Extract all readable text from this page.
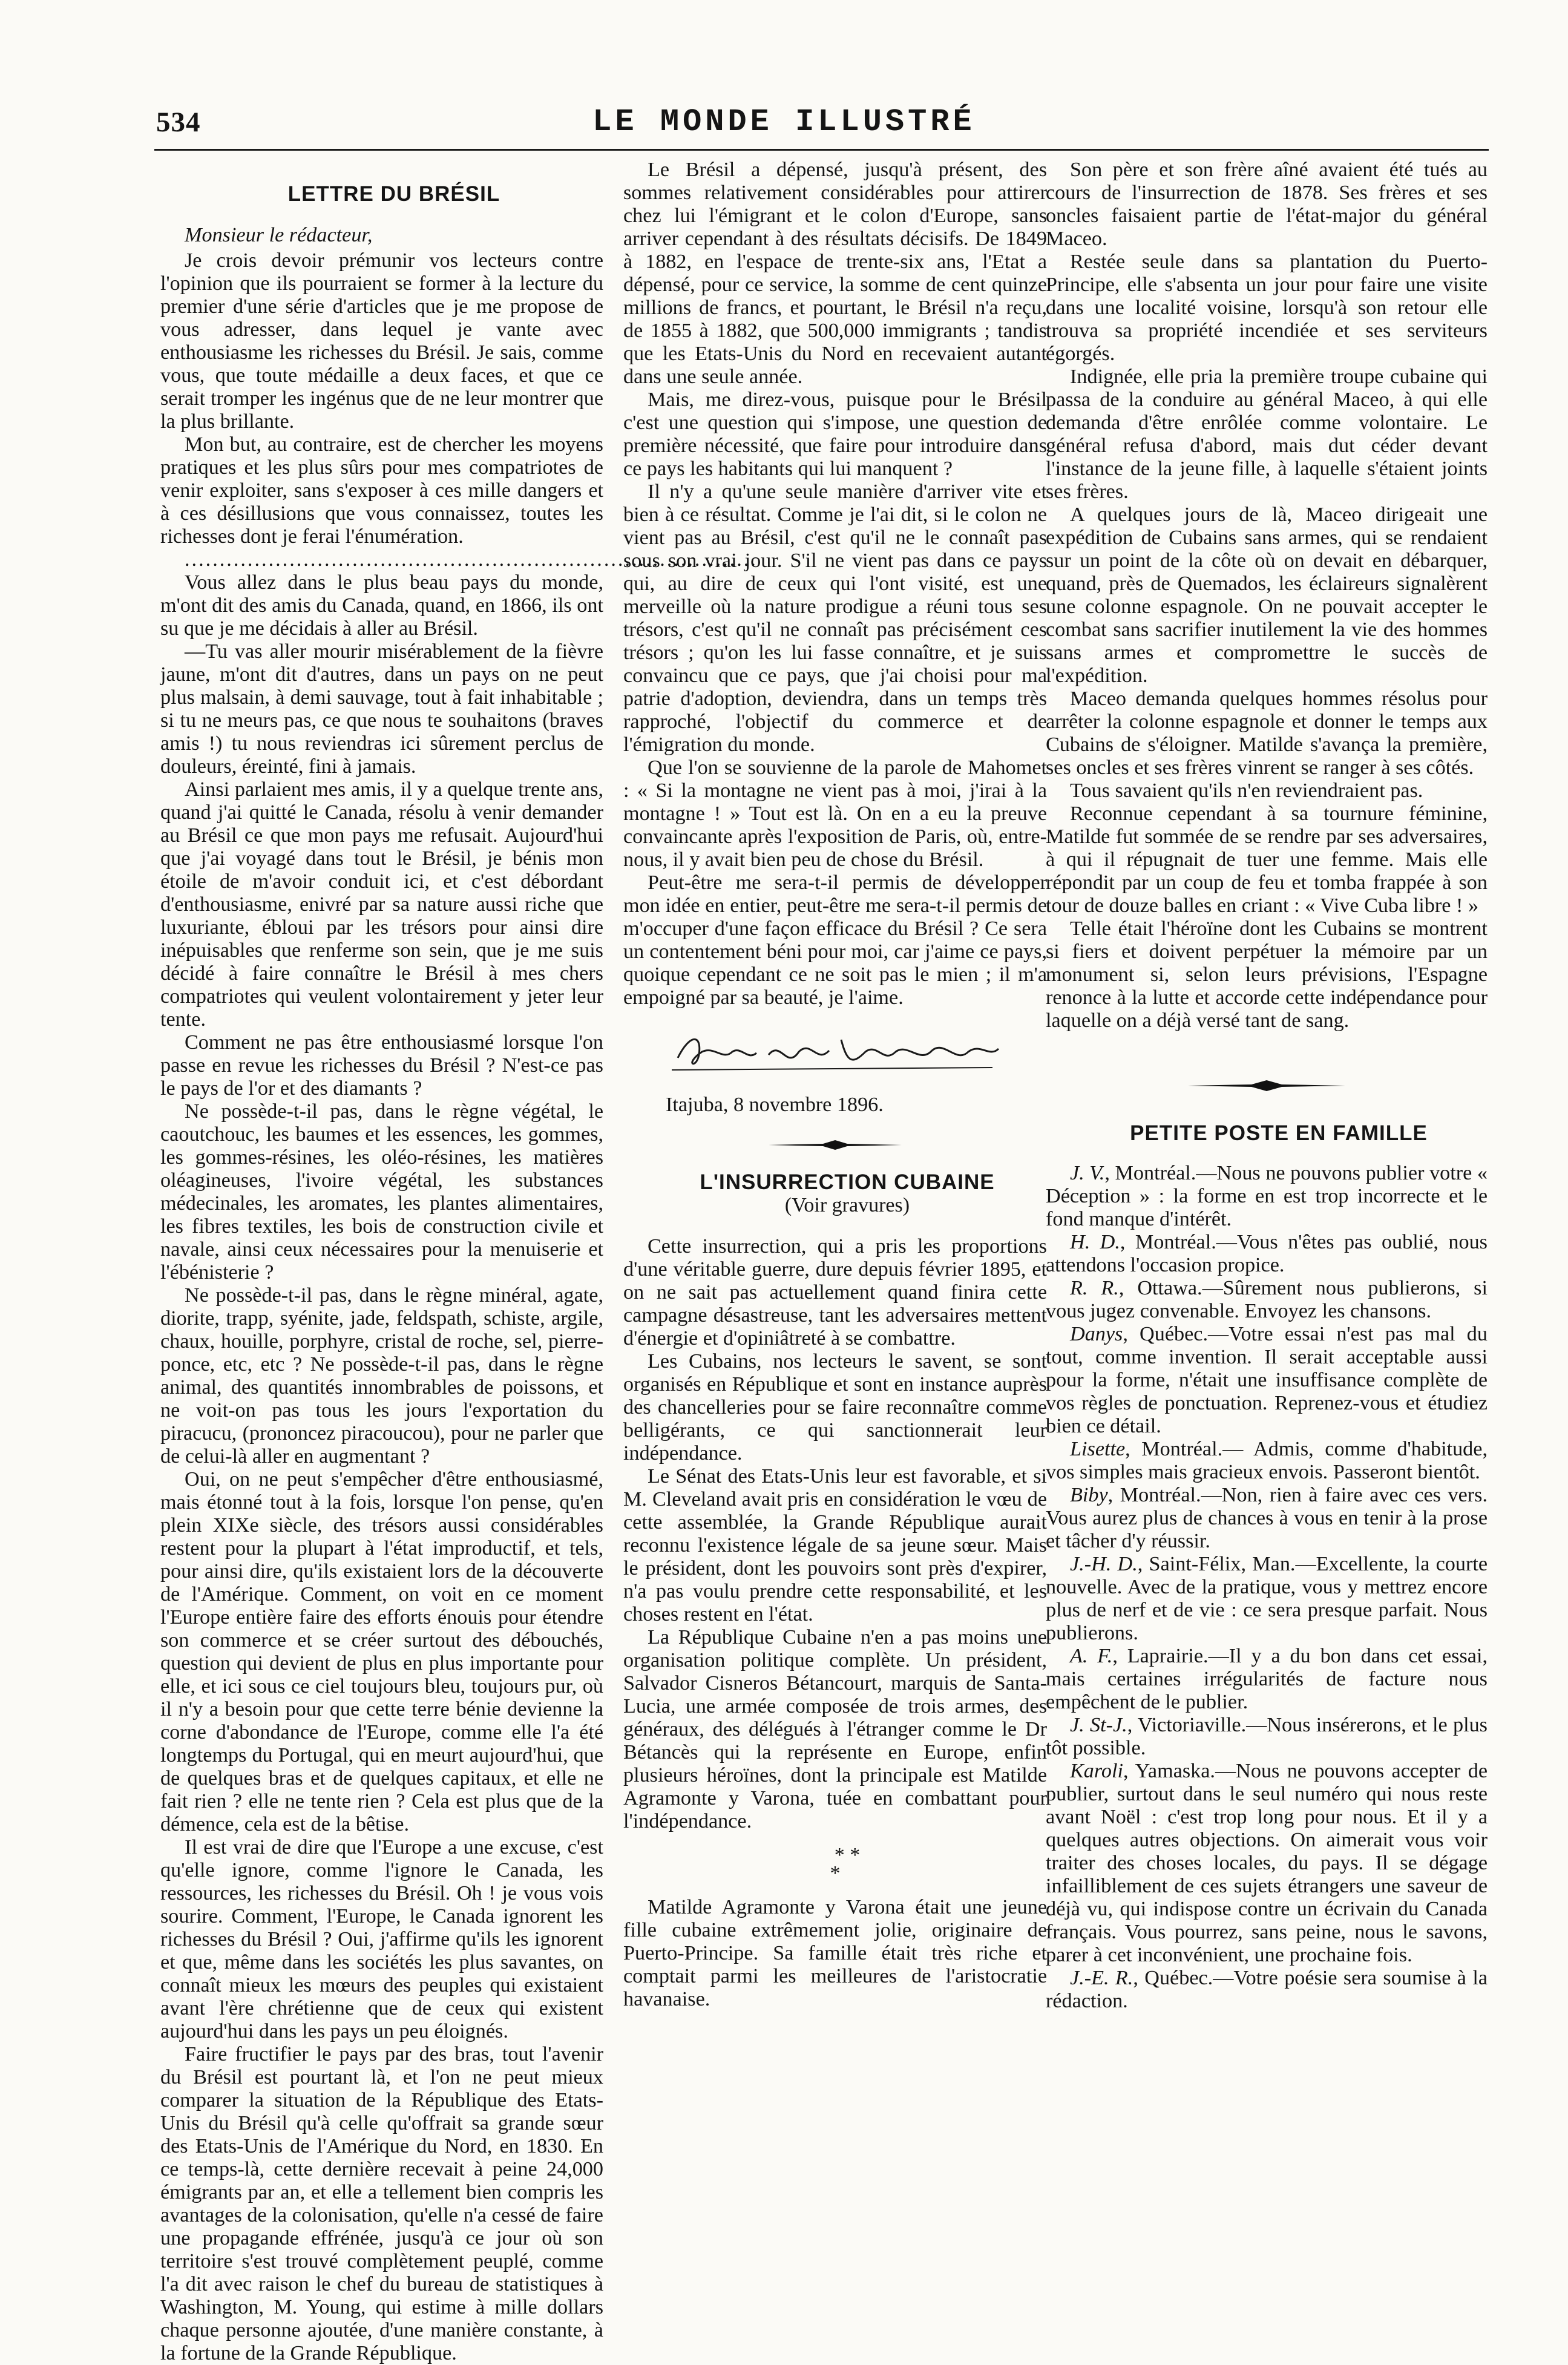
534	LE MONDE ILLUSTRÉ

LETTRE DU BRÉSIL

Monsieur le rédacteur,

Je crois devoir prémunir vos lecteurs contre l'opinion que ils pourraient se former à la lecture du premier d'une série d'articles que je me propose de vous adresser, dans lequel je vante avec enthousiasme les richesses du Brésil. Je sais, comme vous, que toute médaille a deux faces, et que ce serait tromper les ingénus que de ne leur montrer que la plus brillante.

Mon but, au contraire, est de chercher les moyens pratiques et les plus sûrs pour mes compatriotes de venir exploiter, sans s'exposer à ces mille dangers et à ces désillusions que vous connaissez, toutes les richesses dont je ferai l'énumération.

..................................................................................

Vous allez dans le plus beau pays du monde, m'ont dit des amis du Canada, quand, en 1866, ils ont su que je me décidais à aller au Brésil.

—Tu vas aller mourir misérablement de la fièvre jaune, m'ont dit d'autres, dans un pays on ne peut plus malsain, à demi sauvage, tout à fait inhabitable ; si tu ne meurs pas, ce que nous te souhaitons (braves amis !) tu nous reviendras ici sûrement perclus de douleurs, éreinté, fini à jamais.

Ainsi parlaient mes amis, il y a quelque trente ans, quand j'ai quitté le Canada, résolu à venir demander au Brésil ce que mon pays me refusait. Aujourd'hui que j'ai voyagé dans tout le Brésil, je bénis mon étoile de m'avoir conduit ici, et c'est débordant d'enthousiasme, enivré par sa nature aussi riche que luxuriante, ébloui par les trésors pour ainsi dire inépuisables que renferme son sein, que je me suis décidé à faire connaître le Brésil à mes chers compatriotes qui veulent volontairement y jeter leur tente.

Comment ne pas être enthousiasmé lorsque l'on passe en revue les richesses du Brésil ? N'est-ce pas le pays de l'or et des diamants ?

Ne possède-t-il pas, dans le règne végétal, le caoutchouc, les baumes et les essences, les gommes, les gommes-résines, les oléo-résines, les matières oléagineuses, l'ivoire végétal, les substances médecinales, les aromates, les plantes alimentaires, les fibres textiles, les bois de construction civile et navale, ainsi ceux nécessaires pour la menuiserie et l'ébénisterie ?

Ne possède-t-il pas, dans le règne minéral, agate, diorite, trapp, syénite, jade, feldspath, schiste, argile, chaux, houille, porphyre, cristal de roche, sel, pierre-ponce, etc, etc ? Ne possède-t-il pas, dans le règne animal, des quantités innombrables de poissons, et ne voit-on pas tous les jours l'exportation du piracucu, (prononcez piracoucou), pour ne parler que de celui-là aller en augmentant ?

Oui, on ne peut s'empêcher d'être enthousiasmé, mais étonné tout à la fois, lorsque l'on pense, qu'en plein XIXe siècle, des trésors aussi considérables restent pour la plupart à l'état improductif, et tels, pour ainsi dire, qu'ils existaient lors de la découverte de l'Amérique. Comment, on voit en ce moment l'Europe entière faire des efforts énouis pour étendre son commerce et se créer surtout des débouchés, question qui devient de plus en plus importante pour elle, et ici sous ce ciel toujours bleu, toujours pur, où il n'y a besoin pour que cette terre bénie devienne la corne d'abondance de l'Europe, comme elle l'a été longtemps du Portugal, qui en meurt aujourd'hui, que de quelques bras et de quelques capitaux, et elle ne fait rien ? elle ne tente rien ? Cela est plus que de la démence, cela est de la bêtise.

Il est vrai de dire que l'Europe a une excuse, c'est qu'elle ignore, comme l'ignore le Canada, les ressources, les richesses du Brésil. Oh ! je vous vois sourire. Comment, l'Europe, le Canada ignorent les richesses du Brésil ? Oui, j'affirme qu'ils les ignorent et que, même dans les sociétés les plus savantes, on connaît mieux les mœurs des peuples qui existaient avant l'ère chrétienne que de ceux qui existent aujourd'hui dans les pays un peu éloignés.

Faire fructifier le pays par des bras, tout l'avenir du Brésil est pourtant là, et l'on ne peut mieux comparer la situation de la République des Etats-Unis du Brésil qu'à celle qu'offrait sa grande sœur des Etats-Unis de l'Amérique du Nord, en 1830. En ce temps-là, cette dernière recevait à peine 24,000 émigrants par an, et elle a tellement bien compris les avantages de la colonisation, qu'elle n'a cessé de faire une propagande effrénée, jusqu'à ce jour où son territoire s'est trouvé complètement peuplé, comme l'a dit avec raison le chef du bureau de statistiques à Washington, M. Young, qui estime à mille dollars chaque personne ajoutée, d'une manière constante, à la fortune de la Grande République.

Le Brésil a dépensé, jusqu'à présent, des sommes relativement considérables pour attirer chez lui l'émigrant et le colon d'Europe, sans arriver cependant à des résultats décisifs. De 1849 à 1882, en l'espace de trente-six ans, l'Etat a dépensé, pour ce service, la somme de cent quinze millions de francs, et pourtant, le Brésil n'a reçu, de 1855 à 1882, que 500,000 immigrants ; tandis que les Etats-Unis du Nord en recevaient autant dans une seule année.

Mais, me direz-vous, puisque pour le Brésil c'est une question qui s'impose, une question de première nécessité, que faire pour introduire dans ce pays les habitants qui lui manquent ?

Il n'y a qu'une seule manière d'arriver vite et bien à ce résultat. Comme je l'ai dit, si le colon ne vient pas au Brésil, c'est qu'il ne le connaît pas sous son vrai jour. S'il ne vient pas dans ce pays qui, au dire de ceux qui l'ont visité, est une merveille où la nature prodigue a réuni tous ses trésors, c'est qu'il ne connaît pas précisément ces trésors ; qu'on les lui fasse connaître, et je suis convaincu que ce pays, que j'ai choisi pour ma patrie d'adoption, deviendra, dans un temps très rapproché, l'objectif du commerce et de l'émigration du monde.

Que l'on se souvienne de la parole de Mahomet : « Si la montagne ne vient pas à moi, j'irai à la montagne ! » Tout est là. On en a eu la preuve convaincante après l'exposition de Paris, où, entre-nous, il y avait bien peu de chose du Brésil.

Peut-être me sera-t-il permis de développer mon idée en entier, peut-être me sera-t-il permis de m'occuper d'une façon efficace du Brésil ? Ce sera un contentement béni pour moi, car j'aime ce pays, quoique cependant ce ne soit pas le mien ; il m'a empoigné par sa beauté, je l'aime.

Itajuba, 8 novembre 1896.

L'INSURRECTION CUBAINE

(Voir gravures)

Cette insurrection, qui a pris les proportions d'une véritable guerre, dure depuis février 1895, et on ne sait pas actuellement quand finira cette campagne désastreuse, tant les adversaires mettent d'énergie et d'opiniâtreté à se combattre.

Les Cubains, nos lecteurs le savent, se sont organisés en République et sont en instance auprès des chancelleries pour se faire reconnaître comme belligérants, ce qui sanctionnerait leur indépendance.

Le Sénat des Etats-Unis leur est favorable, et si M. Cleveland avait pris en considération le vœu de cette assemblée, la Grande République aurait reconnu l'existence légale de sa jeune sœur. Mais le président, dont les pouvoirs sont près d'expirer, n'a pas voulu prendre cette responsabilité, et les choses restent en l'état.

La République Cubaine n'en a pas moins une organisation politique complète. Un président, Salvador Cisneros Bétancourt, marquis de Santa-Lucia, une armée composée de trois armes, des généraux, des délégués à l'étranger comme le Dr Bétancès qui la représente en Europe, enfin plusieurs héroïnes, dont la principale est Matilde Agramonte y Varona, tuée en combattant pour l'indépendance.

* *
*

Matilde Agramonte y Varona était une jeune fille cubaine extrêmement jolie, originaire de Puerto-Principe. Sa famille était très riche et comptait parmi les meilleures de l'aristocratie havanaise.

Son père et son frère aîné avaient été tués au cours de l'insurrection de 1878. Ses frères et ses oncles faisaient partie de l'état-major du général Maceo.

Restée seule dans sa plantation du Puerto-Principe, elle s'absenta un jour pour faire une visite dans une localité voisine, lorsqu'à son retour elle trouva sa propriété incendiée et ses serviteurs égorgés.

Indignée, elle pria la première troupe cubaine qui passa de la conduire au général Maceo, à qui elle demanda d'être enrôlée comme volontaire. Le général refusa d'abord, mais dut céder devant l'instance de la jeune fille, à laquelle s'étaient joints ses frères.

A quelques jours de là, Maceo dirigeait une expédition de Cubains sans armes, qui se rendaient sur un point de la côte où on devait en débarquer, quand, près de Quemados, les éclaireurs signalèrent une colonne espagnole. On ne pouvait accepter le combat sans sacrifier inutilement la vie des hommes sans armes et compromettre le succès de l'expédition.

Maceo demanda quelques hommes résolus pour arrêter la colonne espagnole et donner le temps aux Cubains de s'éloigner. Matilde s'avança la première, ses oncles et ses frères vinrent se ranger à ses côtés.

Tous savaient qu'ils n'en reviendraient pas.

Reconnue cependant à sa tournure féminine, Matilde fut sommée de se rendre par ses adversaires, à qui il répugnait de tuer une femme. Mais elle répondit par un coup de feu et tomba frappée à son tour de douze balles en criant : « Vive Cuba libre ! »

Telle était l'héroïne dont les Cubains se montrent si fiers et doivent perpétuer la mémoire par un monument si, selon leurs prévisions, l'Espagne renonce à la lutte et accorde cette indépendance pour laquelle on a déjà versé tant de sang.

PETITE POSTE EN FAMILLE

J. V., Montréal.—Nous ne pouvons publier votre « Déception » : la forme en est trop incorrecte et le fond manque d'intérêt.

H. D., Montréal.—Vous n'êtes pas oublié, nous attendons l'occasion propice.

R. R., Ottawa.—Sûrement nous publierons, si vous jugez convenable. Envoyez les chansons.

Danys, Québec.—Votre essai n'est pas mal du tout, comme invention. Il serait acceptable aussi pour la forme, n'était une insuffisance complète de vos règles de ponctuation. Reprenez-vous et étudiez bien ce détail.

Lisette, Montréal.— Admis, comme d'habitude, vos simples mais gracieux envois. Passeront bientôt.

Biby, Montréal.—Non, rien à faire avec ces vers. Vous aurez plus de chances à vous en tenir à la prose et tâcher d'y réussir.

J.-H. D., Saint-Félix, Man.—Excellente, la courte nouvelle. Avec de la pratique, vous y mettrez encore plus de nerf et de vie : ce sera presque parfait. Nous publierons.

A. F., Laprairie.—Il y a du bon dans cet essai, mais certaines irrégularités de facture nous empêchent de le publier.

J. St-J., Victoriaville.—Nous insérerons, et le plus tôt possible.

Karoli, Yamaska.—Nous ne pouvons accepter de publier, surtout dans le seul numéro qui nous reste avant Noël : c'est trop long pour nous. Et il y a quelques autres objections. On aimerait vous voir traiter des choses locales, du pays. Il se dégage infailliblement de ces sujets étrangers une saveur de déjà vu, qui indispose contre un écrivain du Canada français. Vous pourrez, sans peine, nous le savons, parer à cet inconvénient, une prochaine fois.

J.-E. R., Québec.—Votre poésie sera soumise à la rédaction.
